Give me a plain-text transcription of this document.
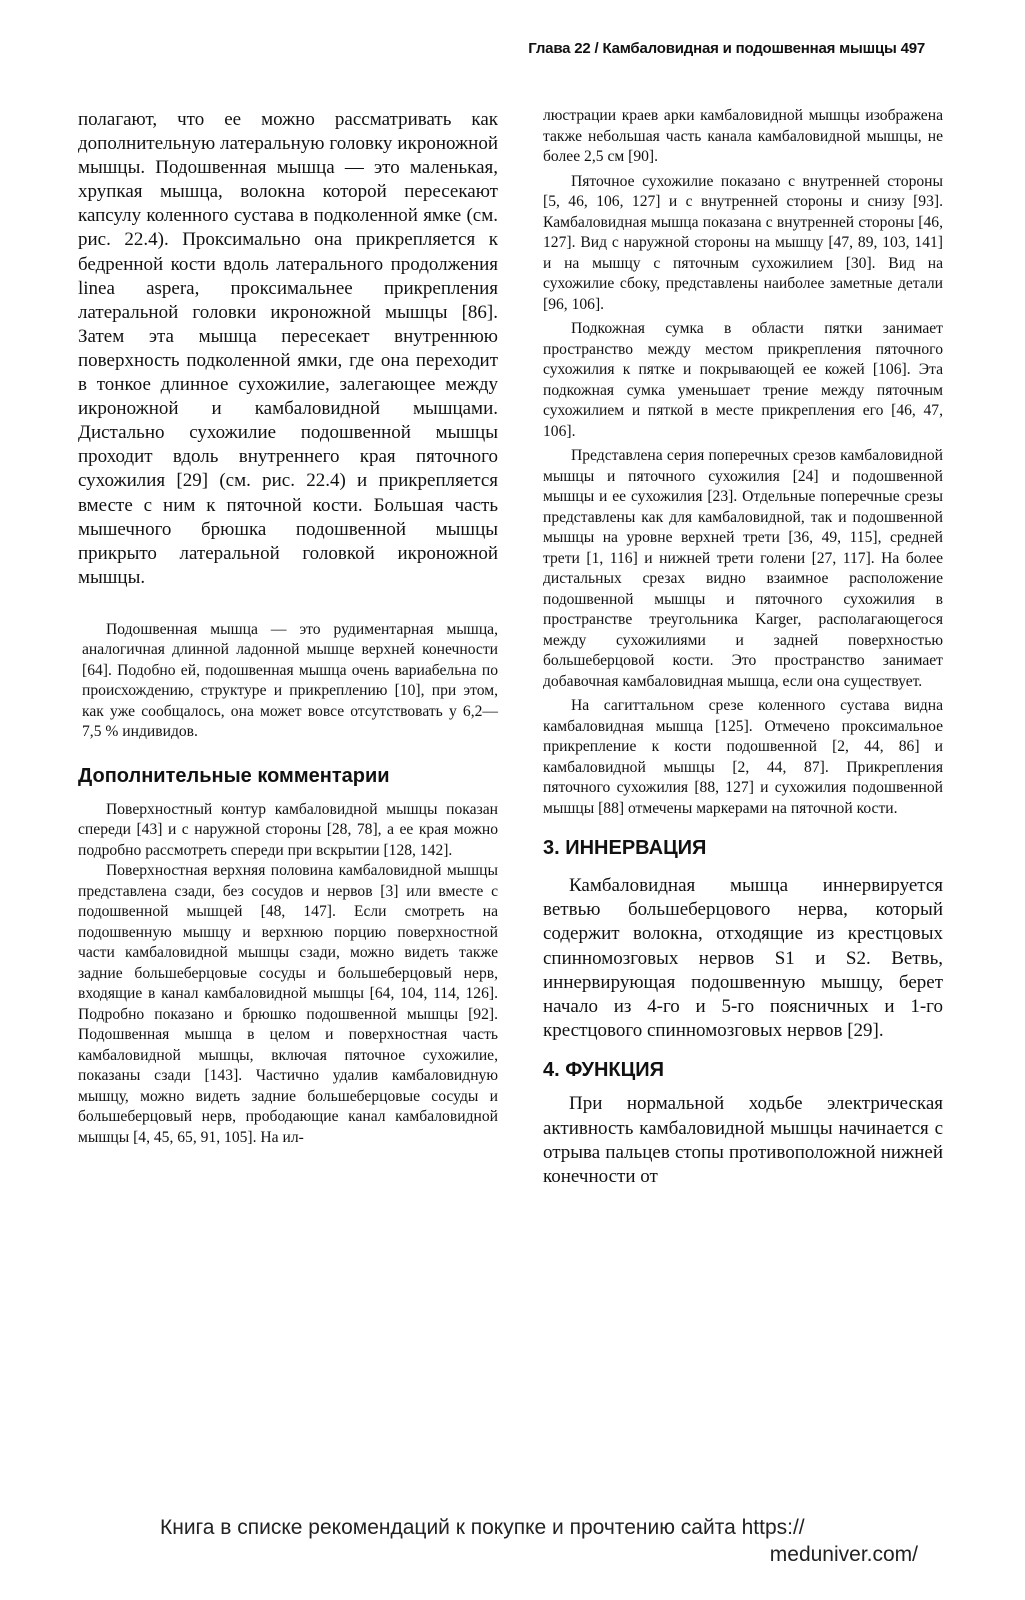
Глава 22 / Камбаловидная и подошвенная мышцы 497

полагают, что ее можно рассматривать как дополнительную латеральную головку икроножной мышцы. Подошвенная мышца — это маленькая, хрупкая мышца, волокна которой пересекают капсулу коленного сустава в подколенной ямке (см. рис. 22.4). Проксимально она прикрепляется к бедренной кости вдоль латерального продолжения linea aspera, проксимальнее прикрепления латеральной головки икроножной мышцы [86]. Затем эта мышца пересекает внутреннюю поверхность подколенной ямки, где она переходит в тонкое длинное сухожилие, залегающее между икроножной и камбаловидной мышцами. Дистально сухожилие подошвенной мышцы проходит вдоль внутреннего края пяточного сухожилия [29] (см. рис. 22.4) и прикрепляется вместе с ним к пяточной кости. Большая часть мышечного брюшка подошвенной мышцы прикрыто латеральной головкой икроножной мышцы.

Подошвенная мышца — это рудиментарная мышца, аналогичная длинной ладонной мышце верхней конечности [64]. Подобно ей, подошвенная мышца очень вариабельна по происхождению, структуре и прикреплению [10], при этом, как уже сообщалось, она может вовсе отсутствовать у 6,2—7,5 % индивидов.

Дополнительные комментарии

Поверхностный контур камбаловидной мышцы показан спереди [43] и с наружной стороны [28, 78], а ее края можно подробно рассмотреть спереди при вскрытии [128, 142].

Поверхностная верхняя половина камбаловидной мышцы представлена сзади, без сосудов и нервов [3] или вместе с подошвенной мышцей [48, 147]. Если смотреть на подошвенную мышцу и верхнюю порцию поверхностной части камбаловидной мышцы сзади, можно видеть также задние большеберцовые сосуды и большеберцовый нерв, входящие в канал камбаловидной мышцы [64, 104, 114, 126]. Подробно показано и брюшко подошвенной мышцы [92]. Подошвенная мышца в целом и поверхностная часть камбаловидной мышцы, включая пяточное сухожилие, показаны сзади [143]. Частично удалив камбаловидную мышцу, можно видеть задние большеберцовые сосуды и большеберцовый нерв, прободающие канал камбаловидной мышцы [4, 45, 65, 91, 105]. На ил-

люстрации краев арки камбаловидной мышцы изображена также небольшая часть канала камбаловидной мышцы, не более 2,5 см [90].

Пяточное сухожилие показано с внутренней стороны [5, 46, 106, 127] и с внутренней стороны и снизу [93]. Камбаловидная мышца показана с внутренней стороны [46, 127]. Вид с наружной стороны на мышцу [47, 89, 103, 141] и на мышцу с пяточным сухожилием [30]. Вид на сухожилие сбоку, представлены наиболее заметные детали [96, 106].

Подкожная сумка в области пятки занимает пространство между местом прикрепления пяточного сухожилия к пятке и покрывающей ее кожей [106]. Эта подкожная сумка уменьшает трение между пяточным сухожилием и пяткой в месте прикрепления его [46, 47, 106].

Представлена серия поперечных срезов камбаловидной мышцы и пяточного сухожилия [24] и подошвенной мышцы и ее сухожилия [23]. Отдельные поперечные срезы представлены как для камбаловидной, так и подошвенной мышцы на уровне верхней трети [36, 49, 115], средней трети [1, 116] и нижней трети голени [27, 117]. На более дистальных срезах видно взаимное расположение подошвенной мышцы и пяточного сухожилия в пространстве треугольника Karger, располагающегося между сухожилиями и задней поверхностью большеберцовой кости. Это пространство занимает добавочная камбаловидная мышца, если она существует.

На сагиттальном срезе коленного сустава видна камбаловидная мышца [125]. Отмечено проксимальное прикрепление к кости подошвенной [2, 44, 86] и камбаловидной мышцы [2, 44, 87]. Прикрепления пяточного сухожилия [88, 127] и сухожилия подошвенной мышцы [88] отмечены маркерами на пяточной кости.

3. ИННЕРВАЦИЯ

Камбаловидная мышца иннервируется ветвью большеберцового нерва, который содержит волокна, отходящие из крестцовых спинномозговых нервов S1 и S2. Ветвь, иннервирующая подошвенную мышцу, берет начало из 4-го и 5-го поясничных и 1-го крестцового спинномозговых нервов [29].

4. ФУНКЦИЯ

При нормальной ходьбе электрическая активность камбаловидной мышцы начинается с отрыва пальцев стопы противоположной нижней конечности от

Книга в списке рекомендаций к покупке и прочтению сайта https://
meduniver.com/
